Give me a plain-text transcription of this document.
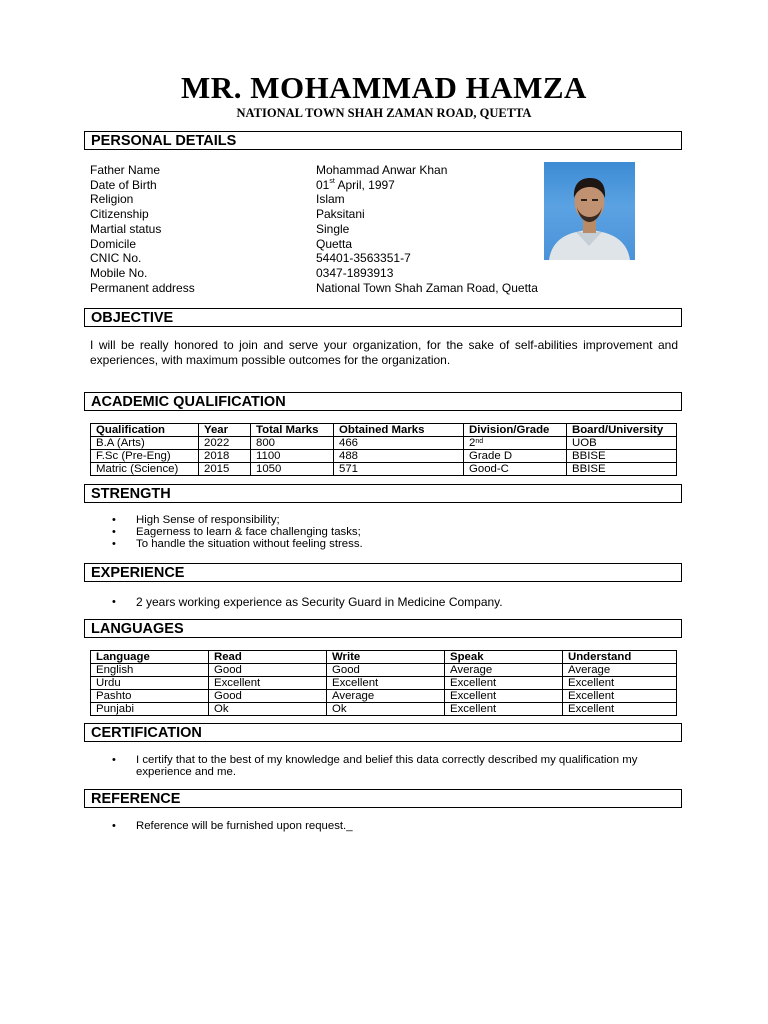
MR. MOHAMMAD HAMZA
NATIONAL TOWN SHAH ZAMAN ROAD, QUETTA
PERSONAL DETAILS
Father Name	Mohammad Anwar Khan
Date of Birth	01st April, 1997
Religion	Islam
Citizenship	Paksitani
Martial status	Single
Domicile	Quetta
CNIC No.	54401-3563351-7
Mobile No.	0347-1893913
Permanent address	National Town Shah Zaman Road, Quetta
OBJECTIVE
I will be really honored to join and serve your organization, for the sake of self-abilities improvement and experiences, with maximum possible outcomes for the organization.
ACADEMIC QUALIFICATION
Qualification	Year	Total Marks	Obtained Marks	Division/Grade	Board/University
B.A (Arts)	2022	800	466	2nd	UOB
F.Sc (Pre-Eng)	2018	1100	488	Grade D	BBISE
Matric (Science)	2015	1050	571	Good-C	BBISE
STRENGTH
• High Sense of responsibility;
• Eagerness to learn & face challenging tasks;
• To handle the situation without feeling stress.
EXPERIENCE
• 2 years working experience as Security Guard in Medicine Company.
LANGUAGES
Language	Read	Write	Speak	Understand
English	Good	Good	Average	Average
Urdu	Excellent	Excellent	Excellent	Excellent
Pashto	Good	Average	Excellent	Excellent
Punjabi	Ok	Ok	Excellent	Excellent
CERTIFICATION
• I certify that to the best of my knowledge and belief this data correctly described my qualification my experience and me.
REFERENCE
• Reference will be furnished upon request._
